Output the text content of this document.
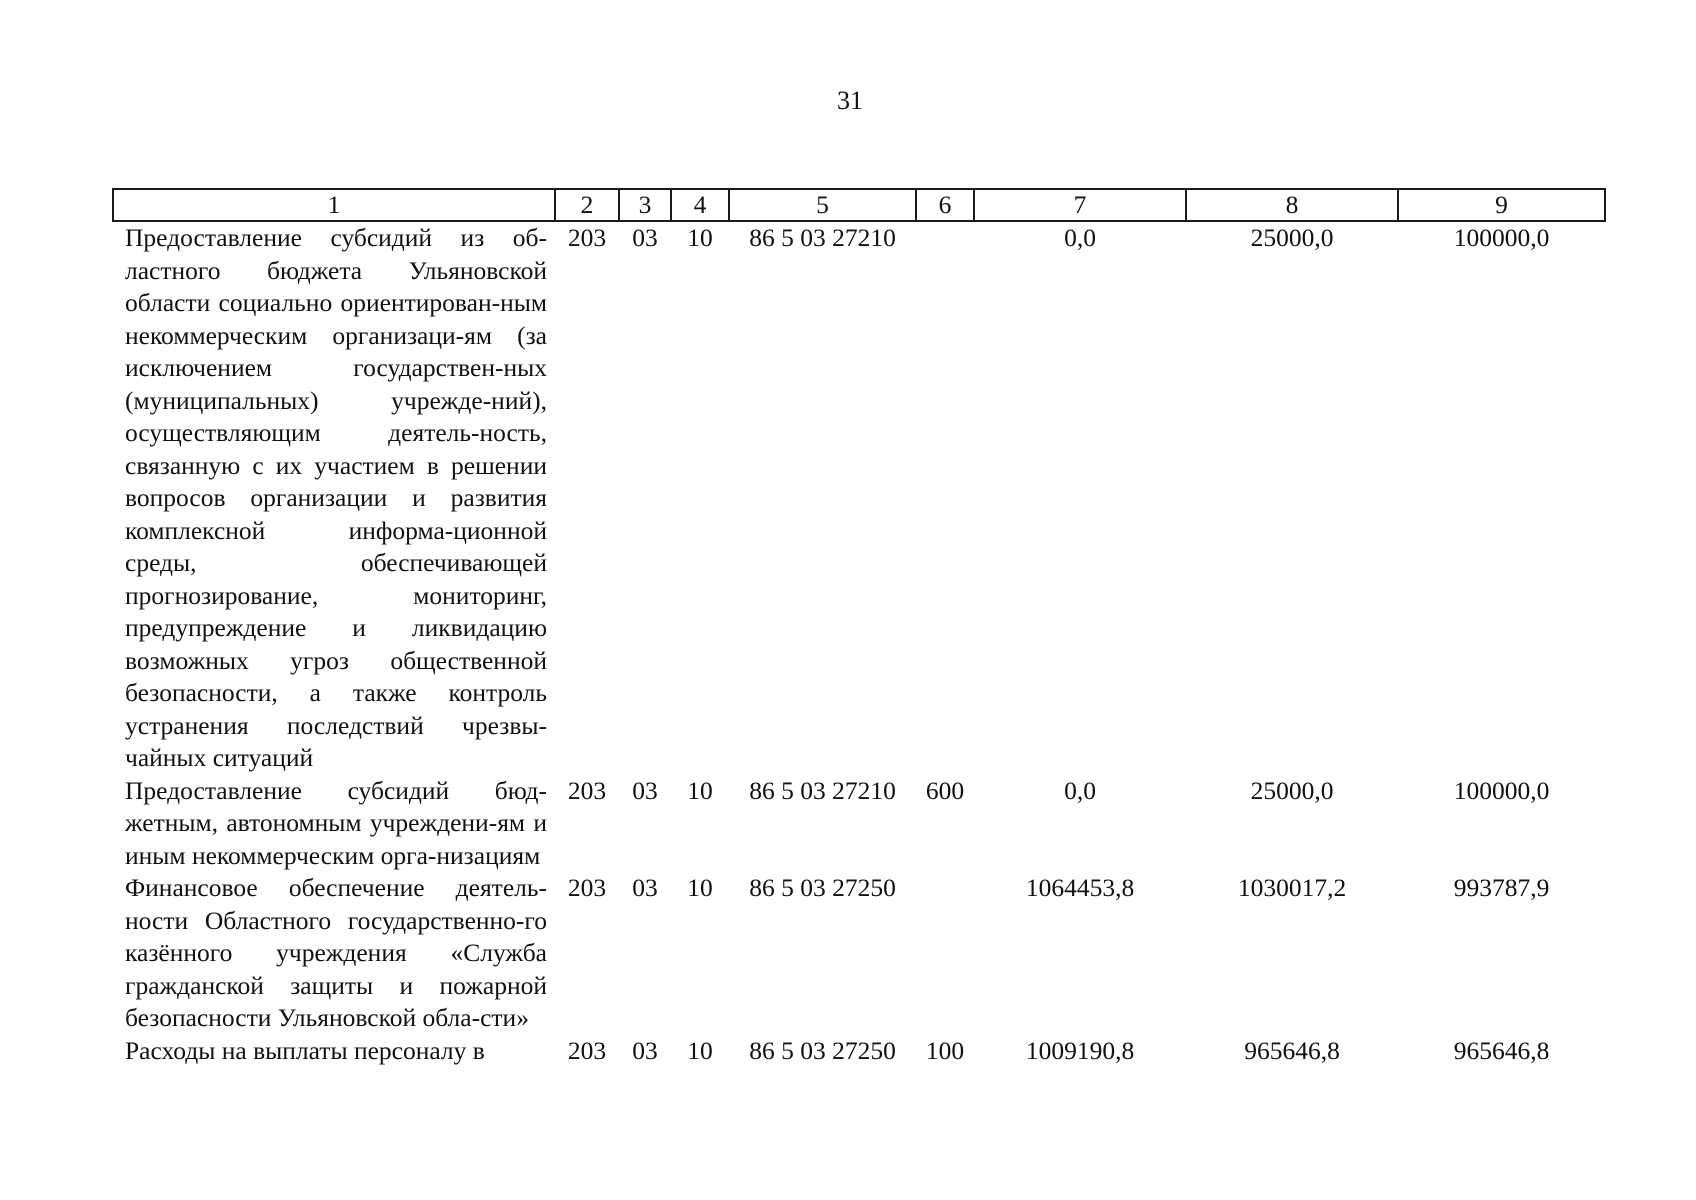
31
1	2	3	4	5	6	7	8	9
Предоставление субсидий из об-ластного бюджета Ульяновской области социально ориентирован-ным некоммерческим организаци-ям (за исключением государствен-ных (муниципальных) учрежде-ний), осуществляющим деятель-ность, связанную с их участием в решении вопросов организации и развития комплексной информа-ционной среды, обеспечивающей прогнозирование, мониторинг, предупреждение и ликвидацию возможных угроз общественной безопасности, а также контроль устранения последствий чрезвы-чайных ситуаций	203	03	10	86 5 03 27210		0,0	25000,0	100000,0
Предоставление субсидий бюд-жетным, автономным учреждени-ям и иным некоммерческим орга-низациям	203	03	10	86 5 03 27210	600	0,0	25000,0	100000,0
Финансовое обеспечение деятель-ности Областного государственно-го казённого учреждения «Служба гражданской защиты и пожарной безопасности Ульяновской обла-сти»	203	03	10	86 5 03 27250		1064453,8	1030017,2	993787,9
Расходы на выплаты персоналу в	203	03	10	86 5 03 27250	100	1009190,8	965646,8	965646,8
